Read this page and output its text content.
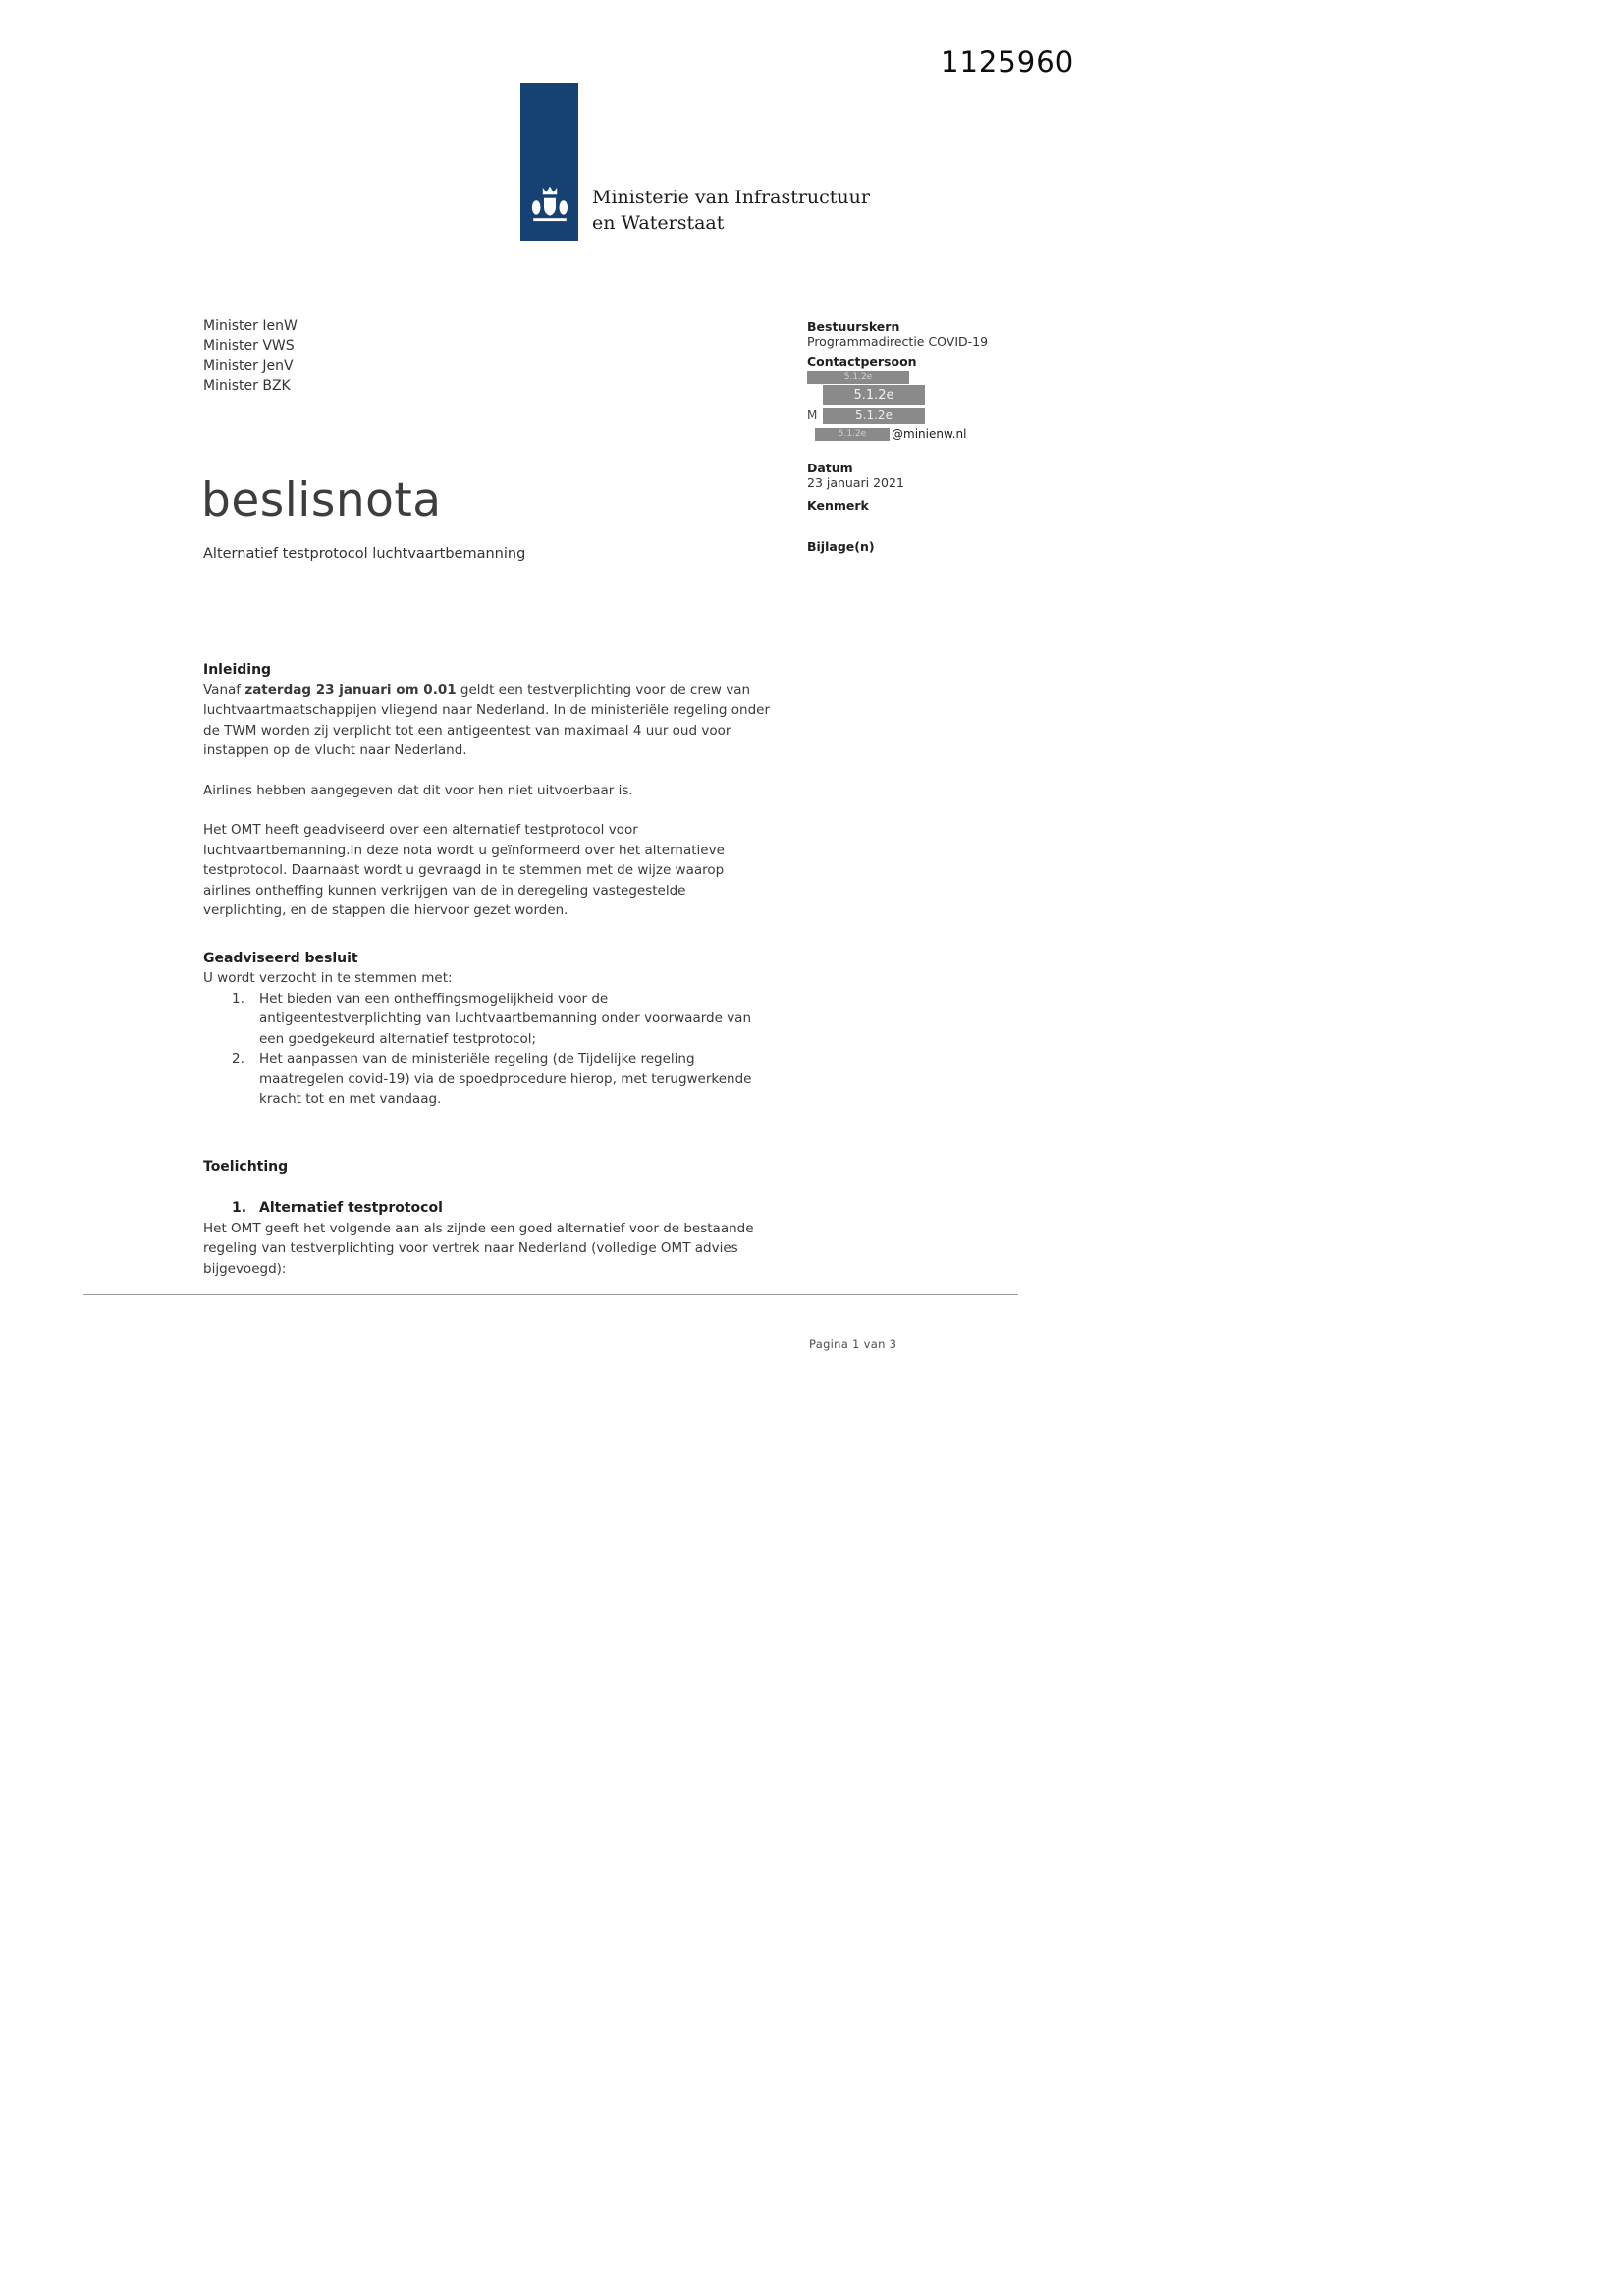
1125960
Ministerie van Infrastructuur
en Waterstaat
Minister IenW
Minister VWS
Minister JenV
Minister BZK
Bestuurskern
Programmadirectie COVID-19
Contactpersoon
5.1.2e
5.1.2e
M	5.1.2e
5.1.2e	@minienw.nl
Datum
23 januari 2021
Kenmerk
Bijlage(n)
beslisnota
Alternatief testprotocol luchtvaartbemanning
Inleiding
Vanaf zaterdag 23 januari om 0.01 geldt een testverplichting voor de crew van luchtvaartmaatschappijen vliegend naar Nederland. In de ministeriële regeling onder de TWM worden zij verplicht tot een antigeentest van maximaal 4 uur oud voor instappen op de vlucht naar Nederland.
Airlines hebben aangegeven dat dit voor hen niet uitvoerbaar is.
Het OMT heeft geadviseerd over een alternatief testprotocol voor luchtvaartbemanning.In deze nota wordt u geïnformeerd over het alternatieve testprotocol. Daarnaast wordt u gevraagd in te stemmen met de wijze waarop airlines ontheffing kunnen verkrijgen van de in deregeling vastegestelde verplichting, en de stappen die hiervoor gezet worden.
Geadviseerd besluit
U wordt verzocht in te stemmen met:
1.	Het bieden van een ontheffingsmogelijkheid voor de antigeentestverplichting van luchtvaartbemanning onder voorwaarde van een goedgekeurd alternatief testprotocol;
2.	Het aanpassen van de ministeriële regeling (de Tijdelijke regeling maatregelen covid-19) via de spoedprocedure hierop, met terugwerkende kracht tot en met vandaag.
Toelichting
1. Alternatief testprotocol
Het OMT geeft het volgende aan als zijnde een goed alternatief voor de bestaande regeling van testverplichting voor vertrek naar Nederland (volledige OMT advies bijgevoegd):
Pagina 1 van 3
